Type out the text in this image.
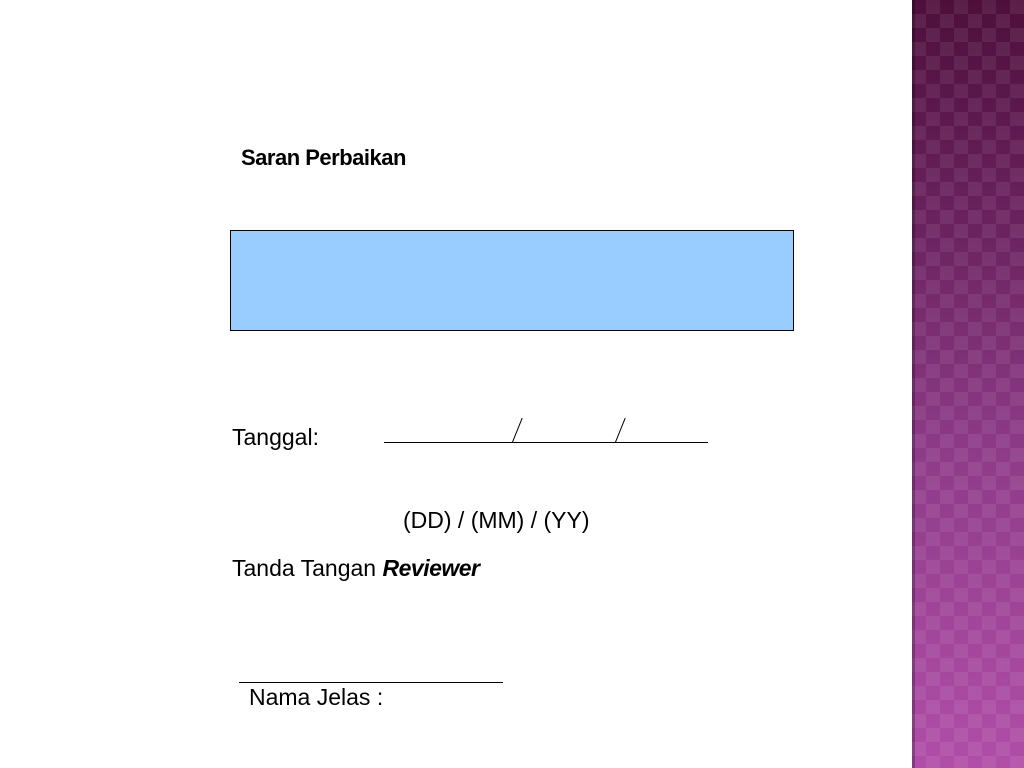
Saran Perbaikan
Tanggal:
(DD) / (MM) / (YY)
Tanda Tangan Reviewer
Nama Jelas :
